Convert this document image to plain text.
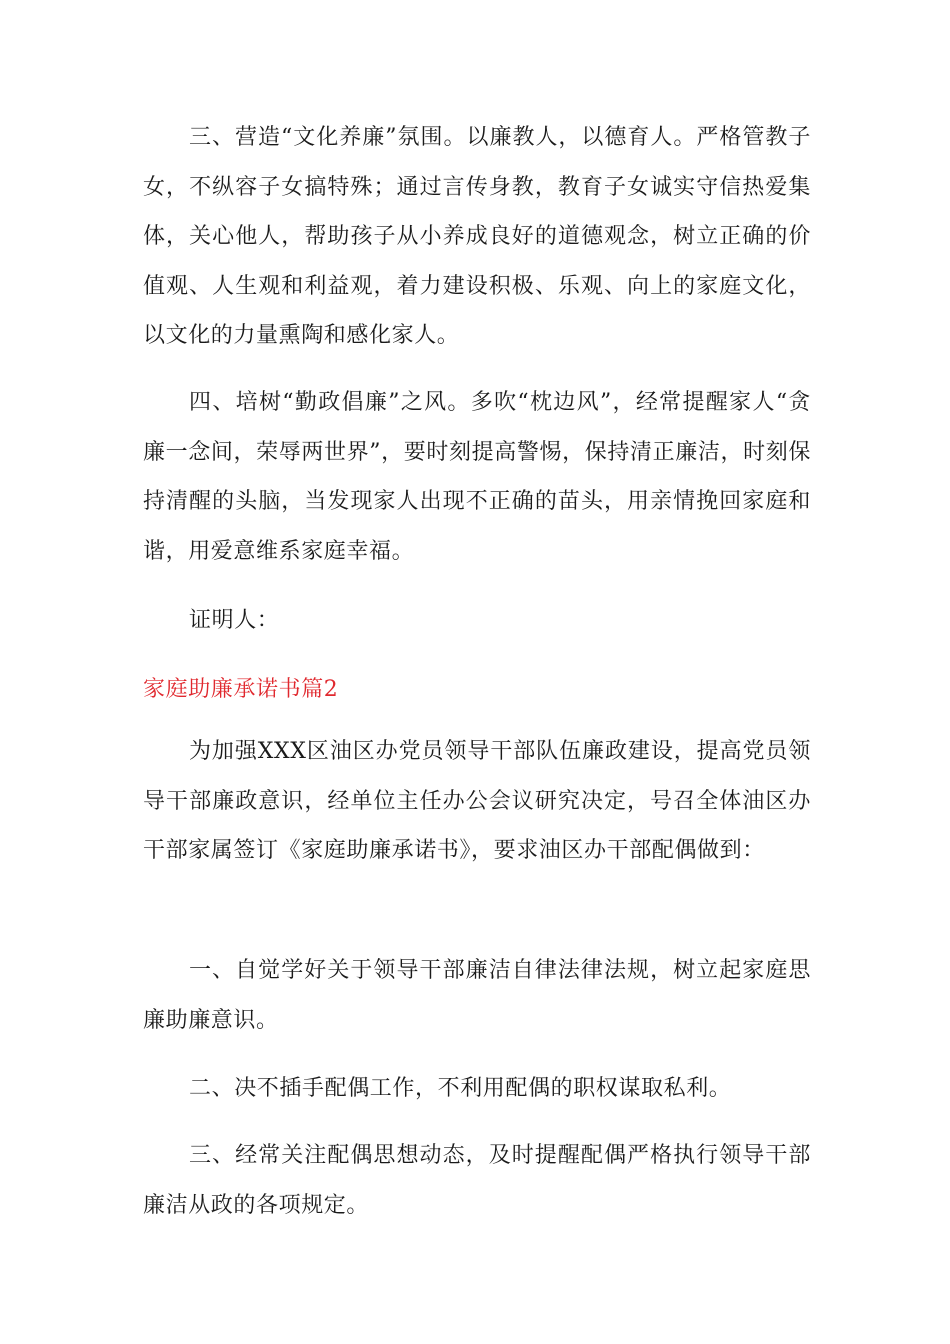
三、营造“文化养廉”氛围。以廉教人，以德育人。严格管教子女，不纵容子女搞特殊；通过言传身教，教育子女诚实守信热爱集体，关心他人，帮助孩子从小养成良好的道德观念，树立正确的价值观、人生观和利益观，着力建设积极、乐观、向上的家庭文化，以文化的力量熏陶和感化家人。

四、培树“勤政倡廉”之风。多吹“枕边风”，经常提醒家人“贪廉一念间，荣辱两世界”，要时刻提高警惕，保持清正廉洁，时刻保持清醒的头脑，当发现家人出现不正确的苗头，用亲情挽回家庭和谐，用爱意维系家庭幸福。

证明人：

家庭助廉承诺书篇2

为加强XXX区油区办党员领导干部队伍廉政建设，提高党员领导干部廉政意识，经单位主任办公会议研究决定，号召全体油区办干部家属签订《家庭助廉承诺书》，要求油区办干部配偶做到：

一、自觉学好关于领导干部廉洁自律法律法规，树立起家庭思廉助廉意识。

二、决不插手配偶工作，不利用配偶的职权谋取私利。

三、经常关注配偶思想动态，及时提醒配偶严格执行领导干部廉洁从政的各项规定。
